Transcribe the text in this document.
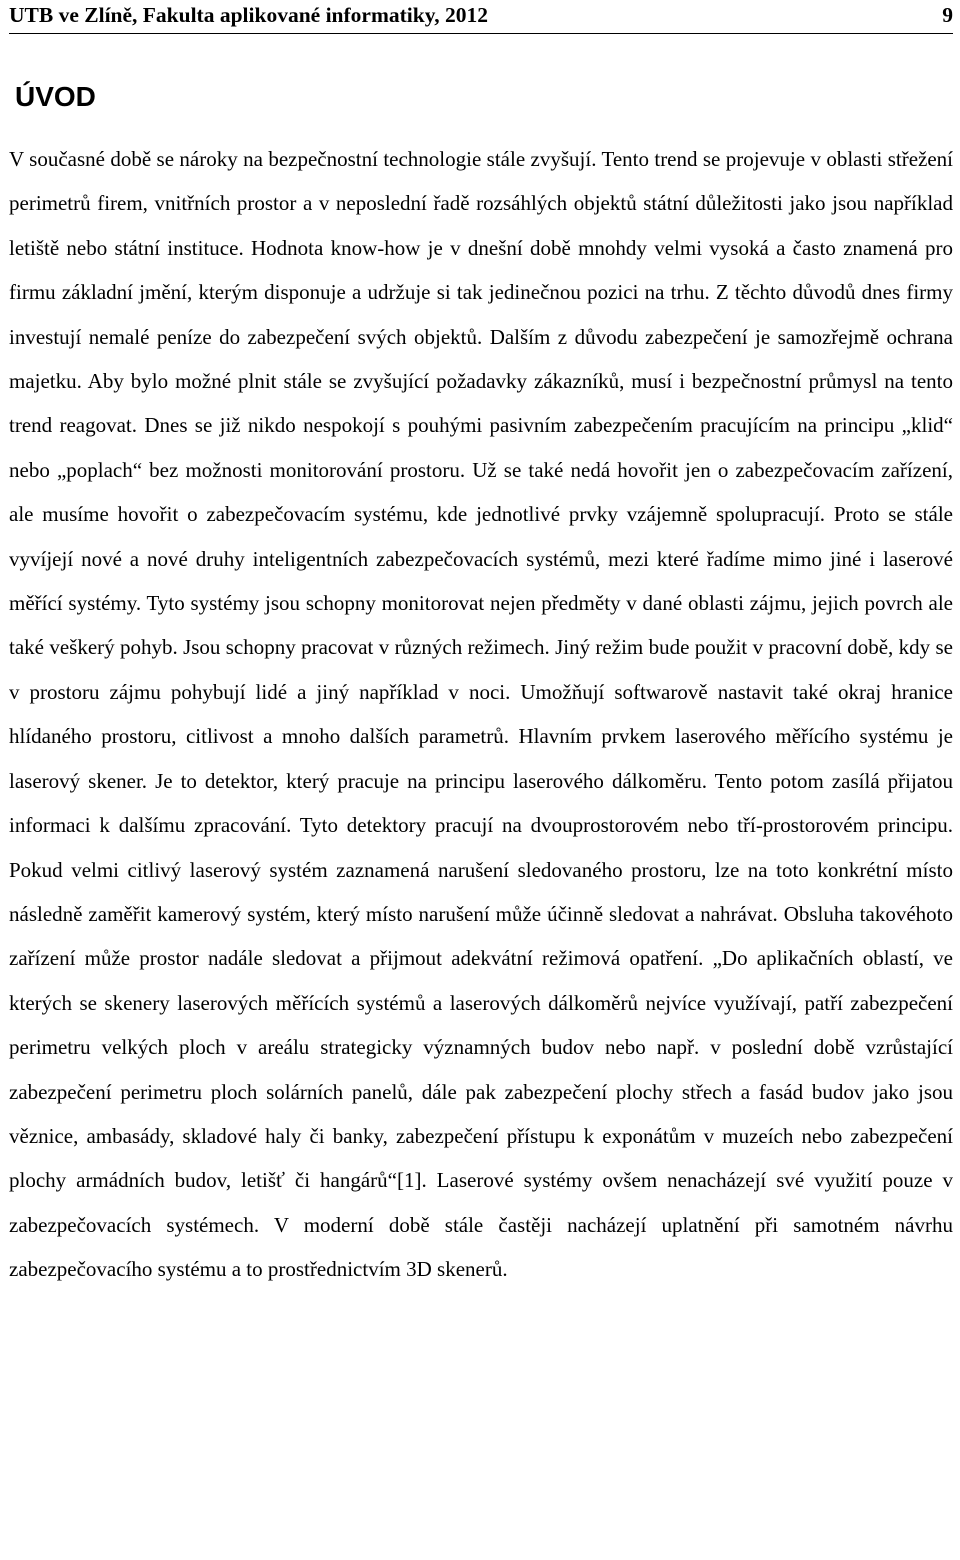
UTB ve Zlíně, Fakulta aplikované informatiky, 2012	9
ÚVOD

V současné době se nároky na bezpečnostní technologie stále zvyšují. Tento trend se projevuje v oblasti střežení perimetrů firem, vnitřních prostor a v neposlední řadě rozsáhlých objektů státní důležitosti jako jsou například letiště nebo státní instituce. Hodnota know-how je v dnešní době mnohdy velmi vysoká a často znamená pro firmu základní jmění, kterým disponuje a udržuje si tak jedinečnou pozici na trhu. Z těchto důvodů dnes firmy investují nemalé peníze do zabezpečení svých objektů. Dalším z důvodu zabezpečení je samozřejmě ochrana majetku. Aby bylo možné plnit stále se zvyšující požadavky zákazníků, musí i bezpečnostní průmysl na tento trend reagovat. Dnes se již nikdo nespokojí s pouhými pasivním zabezpečením pracujícím na principu „klid“ nebo „poplach“ bez možnosti monitorování prostoru. Už se také nedá hovořit jen o zabezpečovacím zařízení, ale musíme hovořit o zabezpečovacím systému, kde jednotlivé prvky vzájemně spolupracují. Proto se stále vyvíjejí nové a nové druhy inteligentních zabezpečovacích systémů, mezi které řadíme mimo jiné i laserové měřící systémy. Tyto systémy jsou schopny monitorovat nejen předměty v dané oblasti zájmu, jejich povrch ale také veškerý pohyb. Jsou schopny pracovat v různých režimech. Jiný režim bude použit v pracovní době, kdy se v prostoru zájmu pohybují lidé a jiný například v noci. Umožňují softwarově nastavit také okraj hranice hlídaného prostoru, citlivost a mnoho dalších parametrů. Hlavním prvkem laserového měřícího systému je laserový skener. Je to detektor, který pracuje na principu laserového dálkoměru. Tento potom zasílá přijatou informaci k dalšímu zpracování. Tyto detektory pracují na dvouprostorovém nebo tří-prostorovém principu. Pokud velmi citlivý laserový systém zaznamená narušení sledovaného prostoru, lze na toto konkrétní místo následně zaměřit kamerový systém, který místo narušení může účinně sledovat a nahrávat. Obsluha takovéhoto zařízení může prostor nadále sledovat a přijmout adekvátní režimová opatření. „Do aplikačních oblastí, ve kterých se skenery laserových měřících systémů a laserových dálkoměrů nejvíce využívají, patří zabezpečení perimetru velkých ploch v areálu strategicky významných budov nebo např. v poslední době vzrůstající zabezpečení perimetru ploch solárních panelů, dále pak zabezpečení plochy střech a fasád budov jako jsou věznice, ambasády, skladové haly či banky, zabezpečení přístupu k exponátům v muzeích nebo zabezpečení plochy armádních budov, letišť či hangárů“[1]. Laserové systémy ovšem nenacházejí své využití pouze v zabezpečovacích systémech. V moderní době stále častěji nacházejí uplatnění při samotném návrhu zabezpečovacího systému a to prostřednictvím 3D skenerů.
